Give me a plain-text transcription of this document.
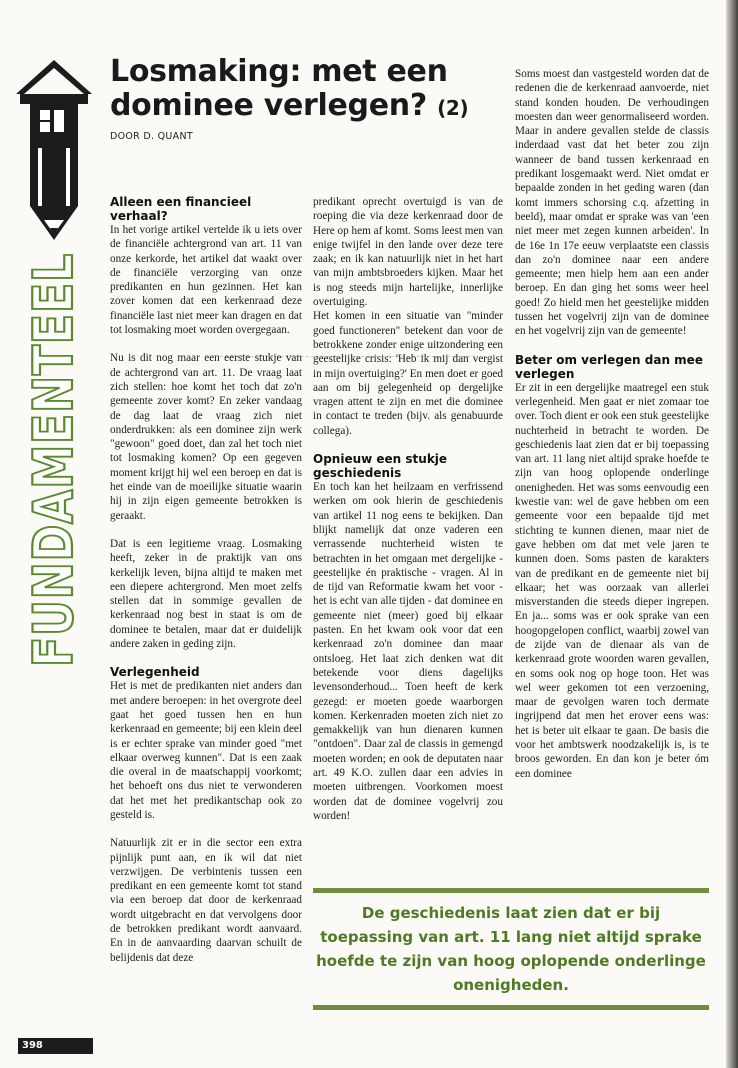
FUNDAMENTEEL
Losmaking: met een dominee verlegen? (2)
DOOR D. QUANT
Alleen een financieel verhaal?

In het vorige artikel vertelde ik u iets over de financiële achtergrond van art. 11 van onze kerkorde, het artikel dat waakt over de financiële verzorging van onze predikanten en hun gezinnen. Het kan zover komen dat een kerkenraad deze financiële last niet meer kan dragen en dat tot losmaking moet worden overgegaan.

Nu is dit nog maar een eerste stukje van de achtergrond van art. 11. De vraag laat zich stellen: hoe komt het toch dat zo'n gemeente zover komt? En zeker vandaag de dag laat de vraag zich niet onderdrukken: als een dominee zijn werk "gewoon" goed doet, dan zal het toch niet tot losmaking komen? Op een gegeven moment krijgt hij wel een beroep en dat is het einde van de moeilijke situatie waarin hij in zijn eigen gemeente betrokken is geraakt.

Dat is een legitieme vraag. Losmaking heeft, zeker in de praktijk van ons kerkelijk leven, bijna altijd te maken met een diepere achtergrond. Men moet zelfs stellen dat in sommige gevallen de kerkenraad nog best in staat is om de dominee te betalen, maar dat er duidelijk andere zaken in geding zijn.

Verlegenheid

Het is met de predikanten niet anders dan met andere beroepen: in het overgrote deel gaat het goed tussen hen en hun kerkenraad en gemeente; bij een klein deel is er echter sprake van minder goed "met elkaar overweg kunnen". Dat is een zaak die overal in de maatschappij voorkomt; het behoeft ons dus niet te verwonderen dat het met het predikantschap ook zo gesteld is.

Natuurlijk zit er in die sector een extra pijnlijk punt aan, en ik wil dat niet verzwijgen. De verbintenis tussen een predikant en een gemeente komt tot stand via een beroep dat door de kerkenraad wordt uitgebracht en dat vervolgens door de betrokken predikant wordt aanvaard. En in de aanvaarding daarvan schuilt de belijdenis dat deze

predikant oprecht overtuigd is van de roeping die via deze kerkenraad door de Here op hem af komt. Soms leest men van enige twijfel in den lande over deze tere zaak; en ik kan natuurlijk niet in het hart van mijn ambtsbroeders kijken. Maar het is nog steeds mijn hartelijke, innerlijke overtuiging.

Het komen in een situatie van "minder goed functioneren" betekent dan voor de betrokkene zonder enige uitzondering een geestelijke crisis: 'Heb ik mij dan vergist in mijn overtuiging?' En men doet er goed aan om bij gelegenheid op dergelijke vragen attent te zijn en met die dominee in contact te treden (bijv. als genabuurde collega).

Opnieuw een stukje geschiedenis

En toch kan het heilzaam en verfrissend werken om ook hierin de geschiedenis van artikel 11 nog eens te bekijken. Dan blijkt namelijk dat onze vaderen een verrassende nuchterheid wisten te betrachten in het omgaan met dergelijke - geestelijke én praktische - vragen. Al in de tijd van Reformatie kwam het voor - het is echt van alle tijden - dat dominee en gemeente niet (meer) goed bij elkaar pasten. En het kwam ook voor dat een kerkenraad zo'n dominee dan maar ontsloeg. Het laat zich denken wat dit betekende voor diens dagelijks levensonderhoud... Toen heeft de kerk gezegd: er moeten goede waarborgen komen. Kerkenraden moeten zich niet zo gemakkelijk van hun dienaren kunnen "ontdoen". Daar zal de classis in gemengd moeten worden; en ook de deputaten naar art. 49 K.O. zullen daar een advies in moeten uitbrengen. Voorkomen moest worden dat de dominee vogelvrij zou worden!

Soms moest dan vastgesteld worden dat de redenen die de kerkenraad aanvoerde, niet stand konden houden. De verhoudingen moesten dan weer genormaliseerd worden. Maar in andere gevallen stelde de classis inderdaad vast dat het beter zou zijn wanneer de band tussen kerkenraad en predikant losgemaakt werd. Niet omdat er bepaalde zonden in het geding waren (dan komt immers schorsing c.q. afzetting in beeld), maar omdat er sprake was van 'een niet meer met zegen kunnen arbeiden'. In de 16e 1n 17e eeuw verplaatste een classis dan zo'n dominee naar een andere gemeente; men hielp hem aan een ander beroep. En dan ging het soms weer heel goed! Zo hield men het geestelijke midden tussen het vogelvrij zijn van de dominee en het vogelvrij zijn van de gemeente!

Beter om verlegen dan mee verlegen

Er zit in een dergelijke maatregel een stuk verlegenheid. Men gaat er niet zomaar toe over. Toch dient er ook een stuk geestelijke nuchterheid in betracht te worden. De geschiedenis laat zien dat er bij toepassing van art. 11 lang niet altijd sprake hoefde te zijn van hoog oplopende onderlinge onenigheden. Het was soms eenvoudig een kwestie van: wel de gave hebben om een gemeente voor een bepaalde tijd met stichting te kunnen dienen, maar niet de gave hebben om dat met vele jaren te kunnen doen. Soms pasten de karakters van de predikant en de gemeente niet bij elkaar; het was oorzaak van allerlei misverstanden die steeds dieper ingrepen. En ja... soms was er ook sprake van een hoogopgelopen conflict, waarbij zowel van de zijde van de dienaar als van de kerkenraad grote woorden waren gevallen, en soms ook nog op hoge toon. Het was wel weer gekomen tot een verzoening, maar de gevolgen waren toch dermate ingrijpend dat men het erover eens was: het is beter uit elkaar te gaan. De basis die voor het ambtswerk noodzakelijk is, is te broos geworden. En dan kon je beter óm een dominee

De geschiedenis laat zien dat er bij toepassing van art. 11 lang niet altijd sprake hoefde te zijn van hoog oplopende onderlinge onenigheden.

398
